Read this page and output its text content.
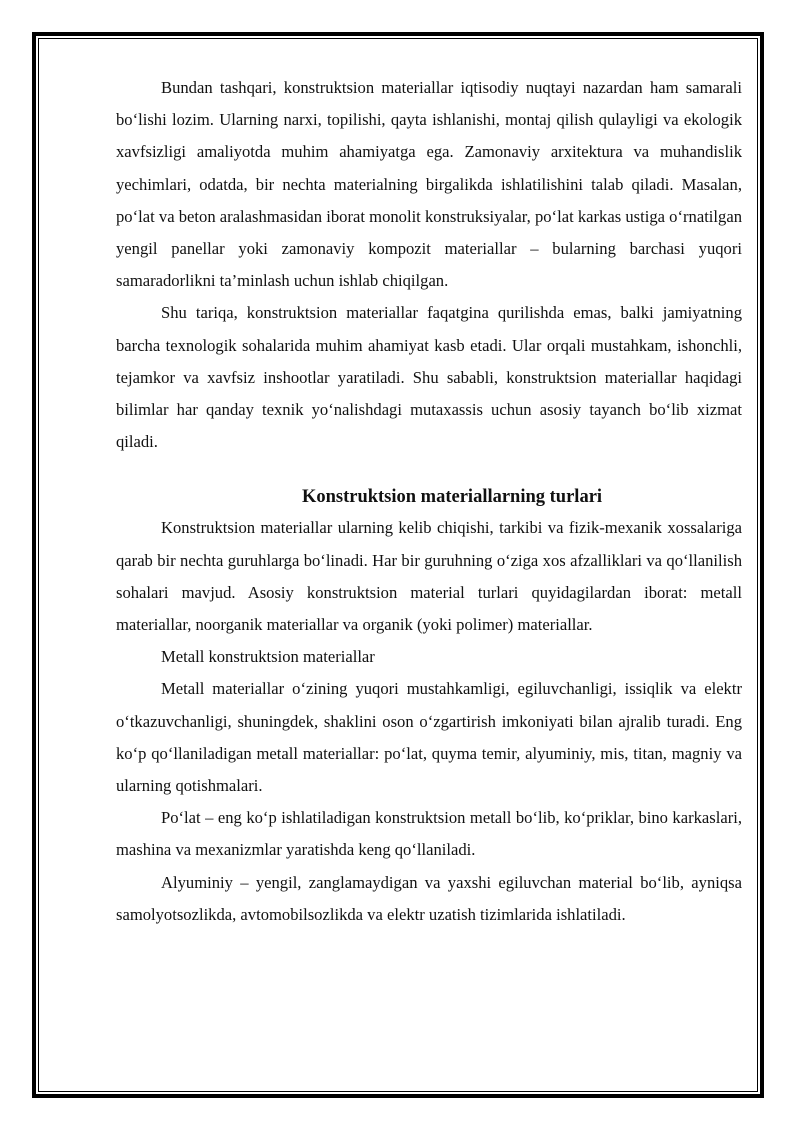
Bundan tashqari, konstruktsion materiallar iqtisodiy nuqtayi nazardan ham samarali bo‘lishi lozim. Ularning narxi, topilishi, qayta ishlanishi, montaj qilish qulayligi va ekologik xavfsizligi amaliyotda muhim ahamiyatga ega. Zamonaviy arxitektura va muhandislik yechimlari, odatda, bir nechta materialning birgalikda ishlatilishini talab qiladi. Masalan, po‘lat va beton aralashmasidan iborat monolit konstruksiyalar, po‘lat karkas ustiga o‘rnatilgan yengil panellar yoki zamonaviy kompozit materiallar – bularning barchasi yuqori samaradorlikni ta’minlash uchun ishlab chiqilgan.

Shu tariqa, konstruktsion materiallar faqatgina qurilishda emas, balki jamiyatning barcha texnologik sohalarida muhim ahamiyat kasb etadi. Ular orqali mustahkam, ishonchli, tejamkor va xavfsiz inshootlar yaratiladi. Shu sababli, konstruktsion materiallar haqidagi bilimlar har qanday texnik yo‘nalishdagi mutaxassis uchun asosiy tayanch bo‘lib xizmat qiladi.

Konstruktsion materiallarning turlari

Konstruktsion materiallar ularning kelib chiqishi, tarkibi va fizik-mexanik xossalariga qarab bir nechta guruhlarga bo‘linadi. Har bir guruhning o‘ziga xos afzalliklari va qo‘llanilish sohalari mavjud. Asosiy konstruktsion material turlari quyidagilardan iborat: metall materiallar, noorganik materiallar va organik (yoki polimer) materiallar.

Metall konstruktsion materiallar

Metall materiallar o‘zining yuqori mustahkamligi, egiluvchanligi, issiqlik va elektr o‘tkazuvchanligi, shuningdek, shaklini oson o‘zgartirish imkoniyati bilan ajralib turadi. Eng ko‘p qo‘llaniladigan metall materiallar: po‘lat, quyma temir, alyuminiy, mis, titan, magniy va ularning qotishmalari.

Po‘lat – eng ko‘p ishlatiladigan konstruktsion metall bo‘lib, ko‘priklar, bino karkaslari, mashina va mexanizmlar yaratishda keng qo‘llaniladi.

Alyuminiy – yengil, zanglamaydigan va yaxshi egiluvchan material bo‘lib, ayniqsa samolyotsozlikda, avtomobilsozlikda va elektr uzatish tizimlarida ishlatiladi.
